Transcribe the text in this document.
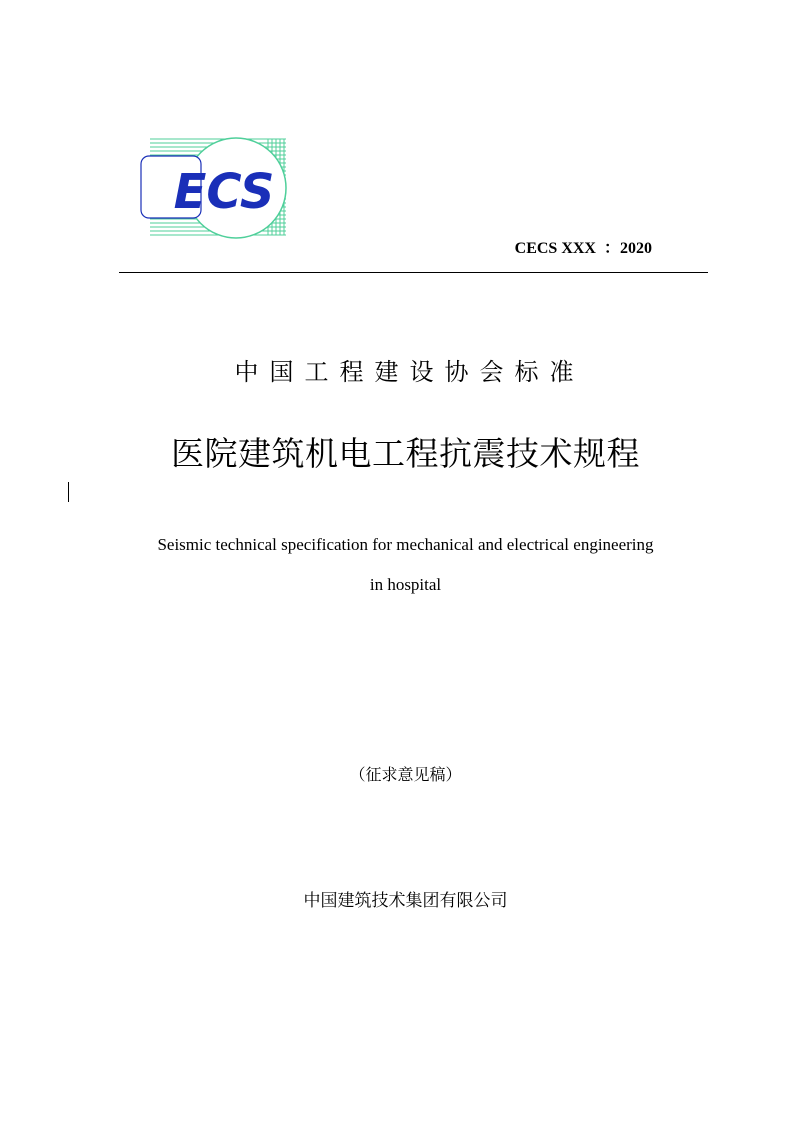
ECS
CECS XXX  ：2020
中国工程建设协会标准
医院建筑机电工程抗震技术规程
Seismic technical specification for mechanical and electrical engineering
in hospital
（征求意见稿）
中国建筑技术集团有限公司
